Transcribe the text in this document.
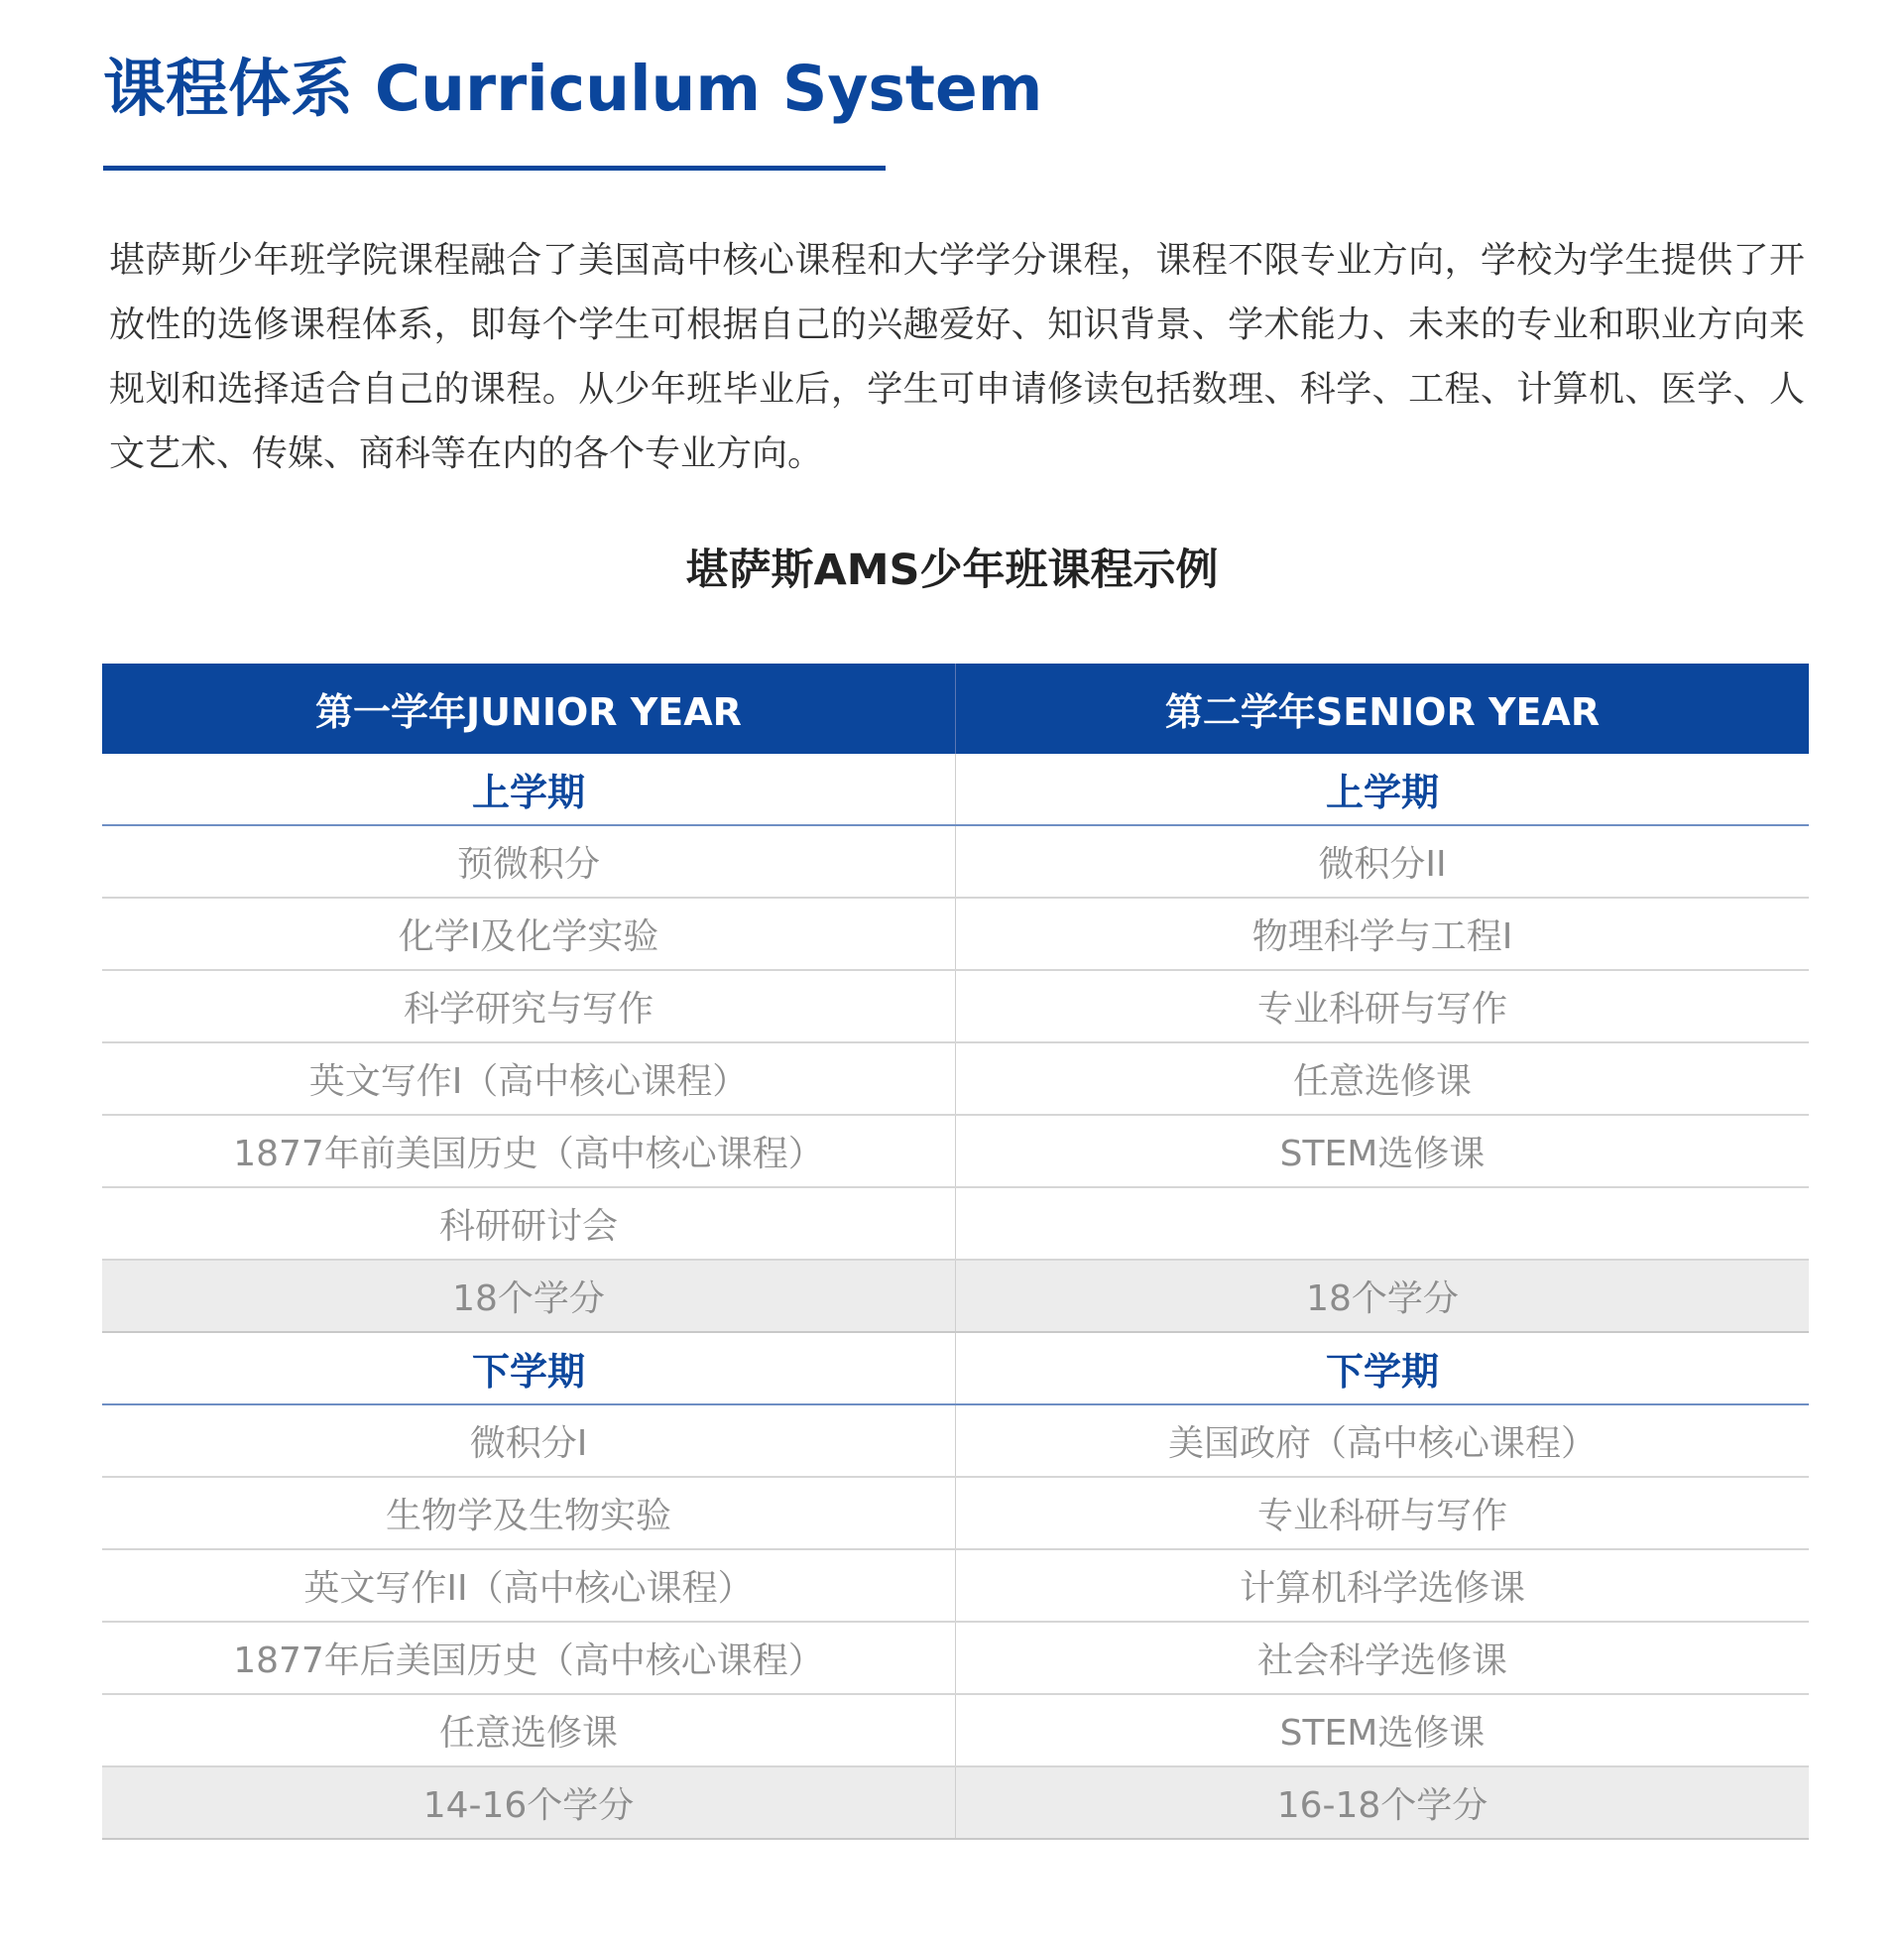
课程体系 Curriculum System

堪萨斯少年班学院课程融合了美国高中核心课程和大学学分课程，课程不限专业方向，学校为学生提供了开放性的选修课程体系，即每个学生可根据自己的兴趣爱好、知识背景、学术能力、未来的专业和职业方向来规划和选择适合自己的课程。从少年班毕业后，学生可申请修读包括数理、科学、工程、计算机、医学、人文艺术、传媒、商科等在内的各个专业方向。

堪萨斯AMS少年班课程示例
第一学年JUNIOR YEAR	第二学年SENIOR YEAR
上学期	上学期
预微积分	微积分II
化学I及化学实验	物理科学与工程I
科学研究与写作	专业科研与写作
英文写作I（高中核心课程）	任意选修课
1877年前美国历史（高中核心课程）	STEM选修课
科研研讨会	
18个学分	18个学分
下学期	下学期
微积分I	美国政府（高中核心课程）
生物学及生物实验	专业科研与写作
英文写作II（高中核心课程）	计算机科学选修课
1877年后美国历史（高中核心课程）	社会科学选修课
任意选修课	STEM选修课
14-16个学分	16-18个学分
